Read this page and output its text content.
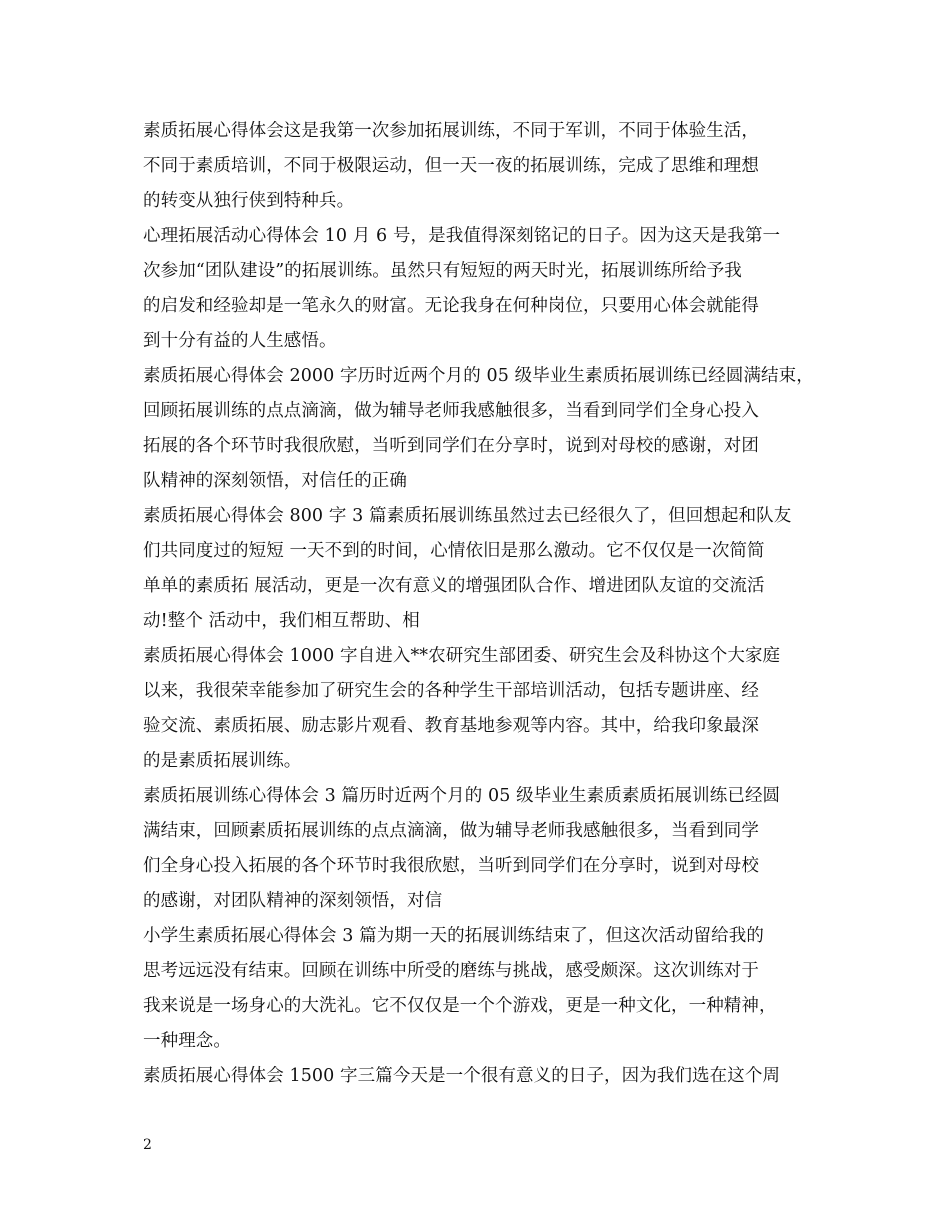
素质拓展心得体会这是我第一次参加拓展训练，不同于军训，不同于体验生活，
不同于素质培训，不同于极限运动，但一天一夜的拓展训练，完成了思维和理想
的转变从独行侠到特种兵。
心理拓展活动心得体会 10 月 6 号，是我值得深刻铭记的日子。因为这天是我第一
次参加“团队建设”的拓展训练。虽然只有短短的两天时光，拓展训练所给予我
的启发和经验却是一笔永久的财富。无论我身在何种岗位，只要用心体会就能得
到十分有益的人生感悟。
素质拓展心得体会 2000 字历时近两个月的 05 级毕业生素质拓展训练已经圆满结束，
回顾拓展训练的点点滴滴，做为辅导老师我感触很多，当看到同学们全身心投入
拓展的各个环节时我很欣慰，当听到同学们在分享时，说到对母校的感谢，对团
队精神的深刻领悟，对信任的正确
素质拓展心得体会 800 字 3 篇素质拓展训练虽然过去已经很久了，但回想起和队友
们共同度过的短短 一天不到的时间，心情依旧是那么激动。它不仅仅是一次简简
单单的素质拓 展活动，更是一次有意义的增强团队合作、增进团队友谊的交流活
动!整个 活动中，我们相互帮助、相
素质拓展心得体会 1000 字自进入**农研究生部团委、研究生会及科协这个大家庭
以来，我很荣幸能参加了研究生会的各种学生干部培训活动，包括专题讲座、经
验交流、素质拓展、励志影片观看、教育基地参观等内容。其中，给我印象最深
的是素质拓展训练。
素质拓展训练心得体会 3 篇历时近两个月的 05 级毕业生素质素质拓展训练已经圆
满结束，回顾素质拓展训练的点点滴滴，做为辅导老师我感触很多，当看到同学
们全身心投入拓展的各个环节时我很欣慰，当听到同学们在分享时，说到对母校
的感谢，对团队精神的深刻领悟，对信
小学生素质拓展心得体会 3 篇为期一天的拓展训练结束了，但这次活动留给我的
思考远远没有结束。回顾在训练中所受的磨练与挑战，感受颇深。这次训练对于
我来说是一场身心的大洗礼。它不仅仅是一个个游戏，更是一种文化，一种精神，
一种理念。
素质拓展心得体会 1500 字三篇今天是一个很有意义的日子，因为我们选在这个周
2
